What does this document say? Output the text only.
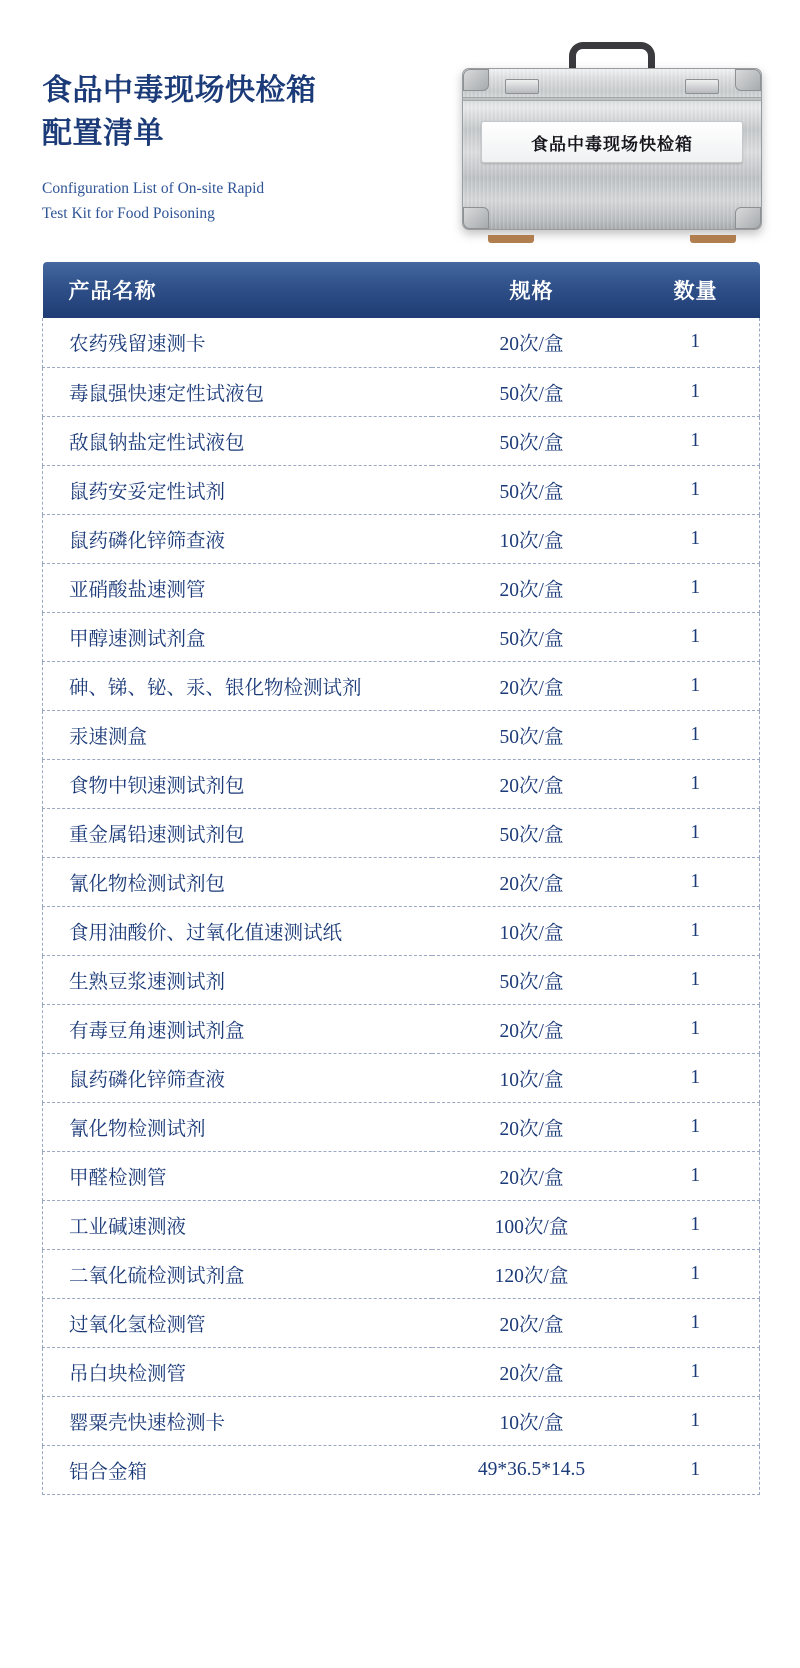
食品中毒现场快检箱
配置清单
Configuration List of On-site Rapid
Test Kit for Food Poisoning
食品中毒现场快检箱
产品名称	规格	数量
农药残留速测卡	20次/盒	1
毒鼠强快速定性试液包	50次/盒	1
敌鼠钠盐定性试液包	50次/盒	1
鼠药安妥定性试剂	50次/盒	1
鼠药磷化锌筛查液	10次/盒	1
亚硝酸盐速测管	20次/盒	1
甲醇速测试剂盒	50次/盒	1
砷、锑、铋、汞、银化物检测试剂	20次/盒	1
汞速测盒	50次/盒	1
食物中钡速测试剂包	20次/盒	1
重金属铅速测试剂包	50次/盒	1
氰化物检测试剂包	20次/盒	1
食用油酸价、过氧化值速测试纸	10次/盒	1
生熟豆浆速测试剂	50次/盒	1
有毒豆角速测试剂盒	20次/盒	1
鼠药磷化锌筛查液	10次/盒	1
氰化物检测试剂	20次/盒	1
甲醛检测管	20次/盒	1
工业碱速测液	100次/盒	1
二氧化硫检测试剂盒	120次/盒	1
过氧化氢检测管	20次/盒	1
吊白块检测管	20次/盒	1
罂粟壳快速检测卡	10次/盒	1
铝合金箱	49*36.5*14.5	1
